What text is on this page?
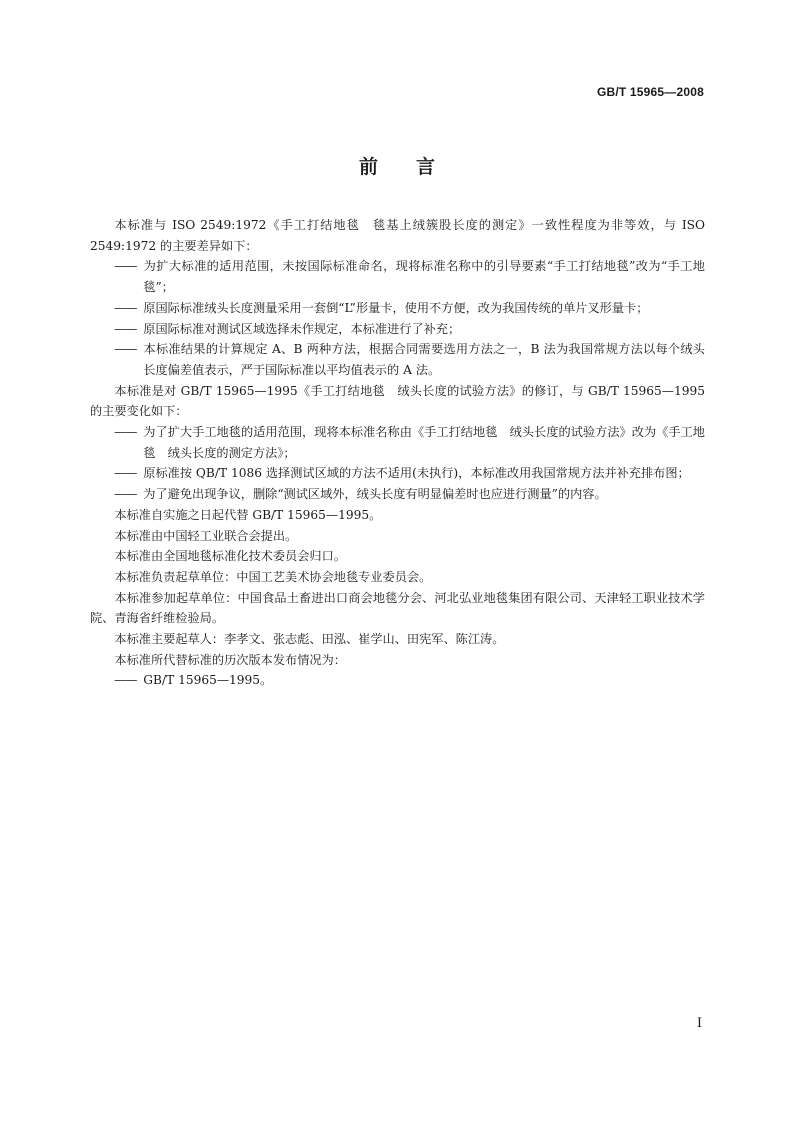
GB/T 15965—2008
前 言

本标准与 ISO 2549:1972《手工打结地毯　毯基上绒簇股长度的测定》一致性程度为非等效，与 ISO 2549:1972 的主要差异如下：

—— 为扩大标准的适用范围，未按国际标准命名，现将标准名称中的引导要素“手工打结地毯”改为“手工地毯”；

—— 原国际标准绒头长度测量采用一套倒“L”形量卡，使用不方便，改为我国传统的单片叉形量卡；

—— 原国际标准对测试区域选择未作规定，本标准进行了补充；

—— 本标准结果的计算规定 A、B 两种方法，根据合同需要选用方法之一，B 法为我国常规方法以每个绒头长度偏差值表示，严于国际标准以平均值表示的 A 法。

本标准是对 GB/T 15965—1995《手工打结地毯　绒头长度的试验方法》的修订，与 GB/T 15965—1995 的主要变化如下：

—— 为了扩大手工地毯的适用范围，现将本标准名称由《手工打结地毯　绒头长度的试验方法》改为《手工地毯　绒头长度的测定方法》；

—— 原标准按 QB/T 1086 选择测试区域的方法不适用(未执行)，本标准改用我国常规方法并补充排布图；

—— 为了避免出现争议，删除“测试区域外，绒头长度有明显偏差时也应进行测量”的内容。

本标准自实施之日起代替 GB/T 15965—1995。

本标准由中国轻工业联合会提出。

本标准由全国地毯标准化技术委员会归口。

本标准负责起草单位：中国工艺美术协会地毯专业委员会。

本标准参加起草单位：中国食品土畜进出口商会地毯分会、河北弘业地毯集团有限公司、天津轻工职业技术学院、青海省纤维检验局。

本标准主要起草人：李孝文、张志彪、田泓、崔学山、田宪军、陈江涛。

本标准所代替标准的历次版本发布情况为：

—— GB/T 15965—1995。

I
